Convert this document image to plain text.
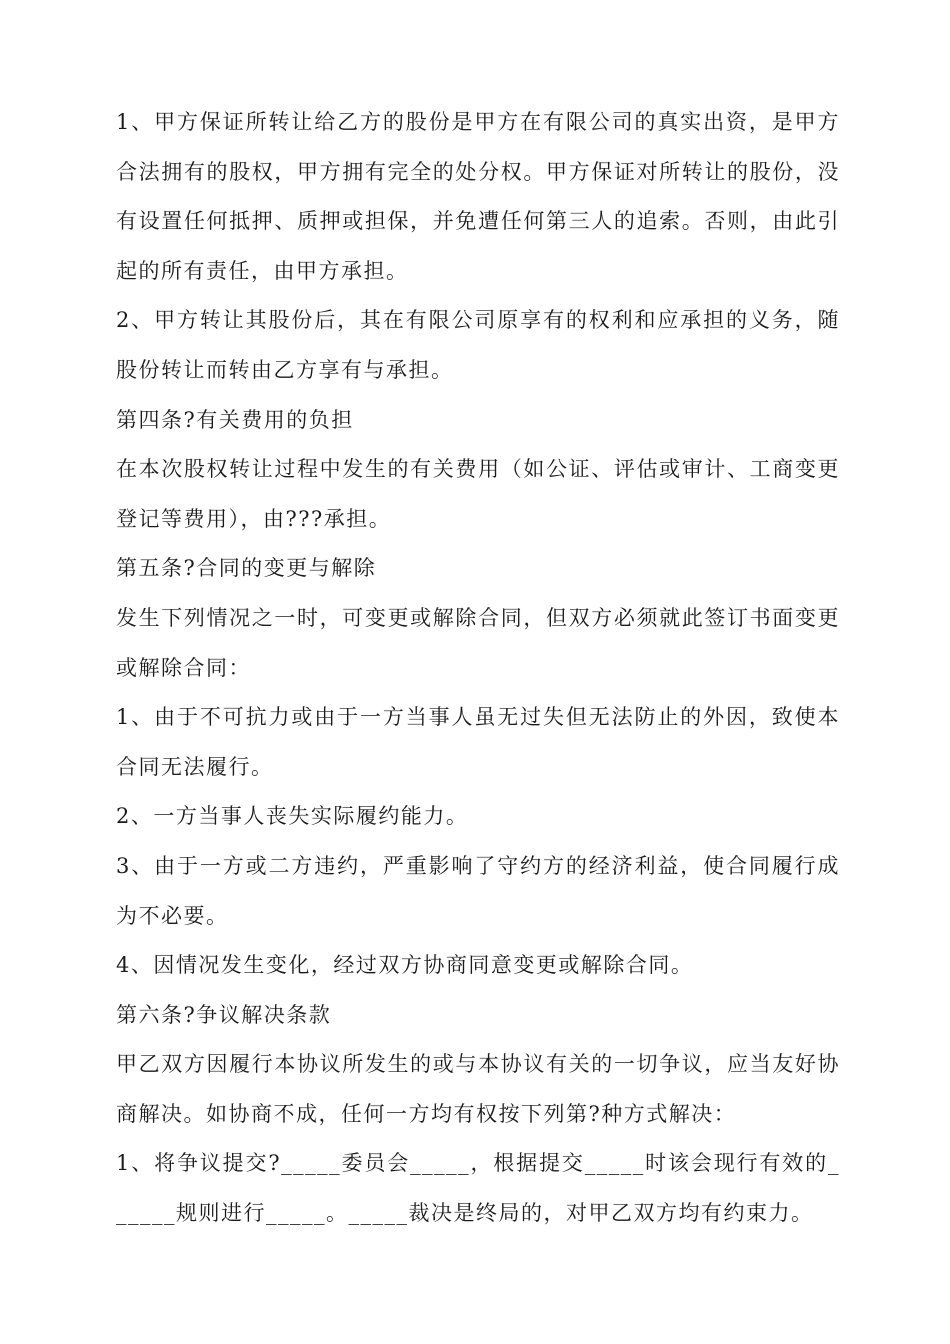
1、甲方保证所转让给乙方的股份是甲方在有限公司的真实出资，是甲方合法拥有的股权，甲方拥有完全的处分权。甲方保证对所转让的股份，没有设置任何抵押、质押或担保，并免遭任何第三人的追索。否则，由此引起的所有责任，由甲方承担。

2、甲方转让其股份后，其在有限公司原享有的权利和应承担的义务，随股份转让而转由乙方享有与承担。

第四条?有关费用的负担

在本次股权转让过程中发生的有关费用（如公证、评估或审计、工商变更登记等费用），由???承担。

第五条?合同的变更与解除

发生下列情况之一时，可变更或解除合同，但双方必须就此签订书面变更或解除合同：

1、由于不可抗力或由于一方当事人虽无过失但无法防止的外因，致使本合同无法履行。

2、一方当事人丧失实际履约能力。

3、由于一方或二方违约，严重影响了守约方的经济利益，使合同履行成为不必要。

4、因情况发生变化，经过双方协商同意变更或解除合同。

第六条?争议解决条款

甲乙双方因履行本协议所发生的或与本协议有关的一切争议，应当友好协商解决。如协商不成，任何一方均有权按下列第?种方式解决：

1、将争议提交?_____委员会_____，根据提交_____时该会现行有效的______规则进行_____。_____裁决是终局的，对甲乙双方均有约束力。
